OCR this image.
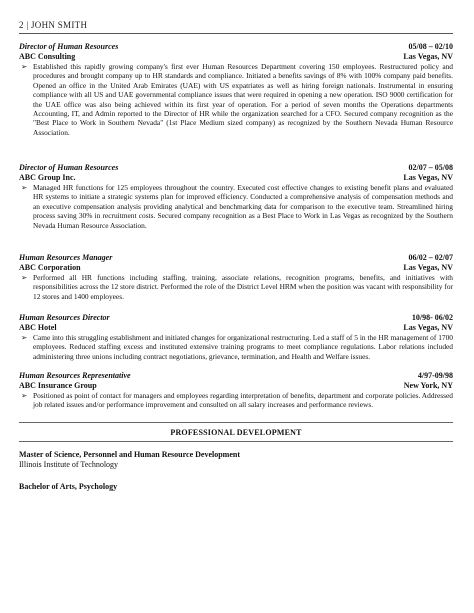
2 | JOHN SMITH
Director of Human Resources	05/08 – 02/10
ABC Consulting	Las Vegas, NV
➢ Established this rapidly growing company's first ever Human Resources Department covering 150 employees. Restructured policy and procedures and brought company up to HR standards and compliance. Initiated a benefits savings of 8% with 100% company paid benefits. Opened an office in the United Arab Emirates (UAE) with US expatriates as well as hiring foreign nationals. Instrumental in ensuring compliance with all US and UAE governmental compliance issues that were required in opening a new operation. ISO 9000 certification for the UAE office was also being achieved within its first year of operation. For a period of seven months the Operations departments Accounting, IT, and Admin reported to the Director of HR while the organization searched for a CFO. Secured company recognition as the "Best Place to Work in Southern Nevada" (1st Place Medium sized company) as recognized by the Southern Nevada Human Resource Association.
Director of Human Resources	02/07 – 05/08
ABC Group Inc.	Las Vegas, NV
➢ Managed HR functions for 125 employees throughout the country. Executed cost effective changes to existing benefit plans and evaluated HR systems to initiate a strategic systems plan for improved efficiency. Conducted a comprehensive analysis of compensation methods and an executive compensation analysis providing analytical and benchmarking data for comparison to the executive team. Streamlined hiring process saving 30% in recruitment costs. Secured company recognition as a Best Place to Work in Las Vegas as recognized by the Southern Nevada Human Resource Association.
Human Resources Manager	06/02 – 02/07
ABC Corporation	Las Vegas, NV
➢ Performed all HR functions including staffing, training, associate relations, recognition programs, benefits, and initiatives with responsibilities across the 12 store district. Performed the role of the District Level HRM when the position was vacant with responsibility for 12 stores and 1400 employees.
Human Resources Director	10/98- 06/02
ABC Hotel	Las Vegas, NV
➢ Came into this struggling establishment and initiated changes for organizational restructuring. Led a staff of 5 in the HR management of 1700 employees. Reduced staffing excess and instituted extensive training programs to meet compliance regulations. Labor relations included administering three unions including contract negotiations, grievance, termination, and Health and Welfare issues.
Human Resources Representative	4/97-09/98
ABC Insurance Group	New York, NY
➢ Positioned as point of contact for managers and employees regarding interpretation of benefits, department and corporate policies. Addressed job related issues and/or performance improvement and consulted on all salary increases and performance reviews.
PROFESSIONAL DEVELOPMENT
Master of Science, Personnel and Human Resource Development
Illinois Institute of Technology
Bachelor of Arts, Psychology
